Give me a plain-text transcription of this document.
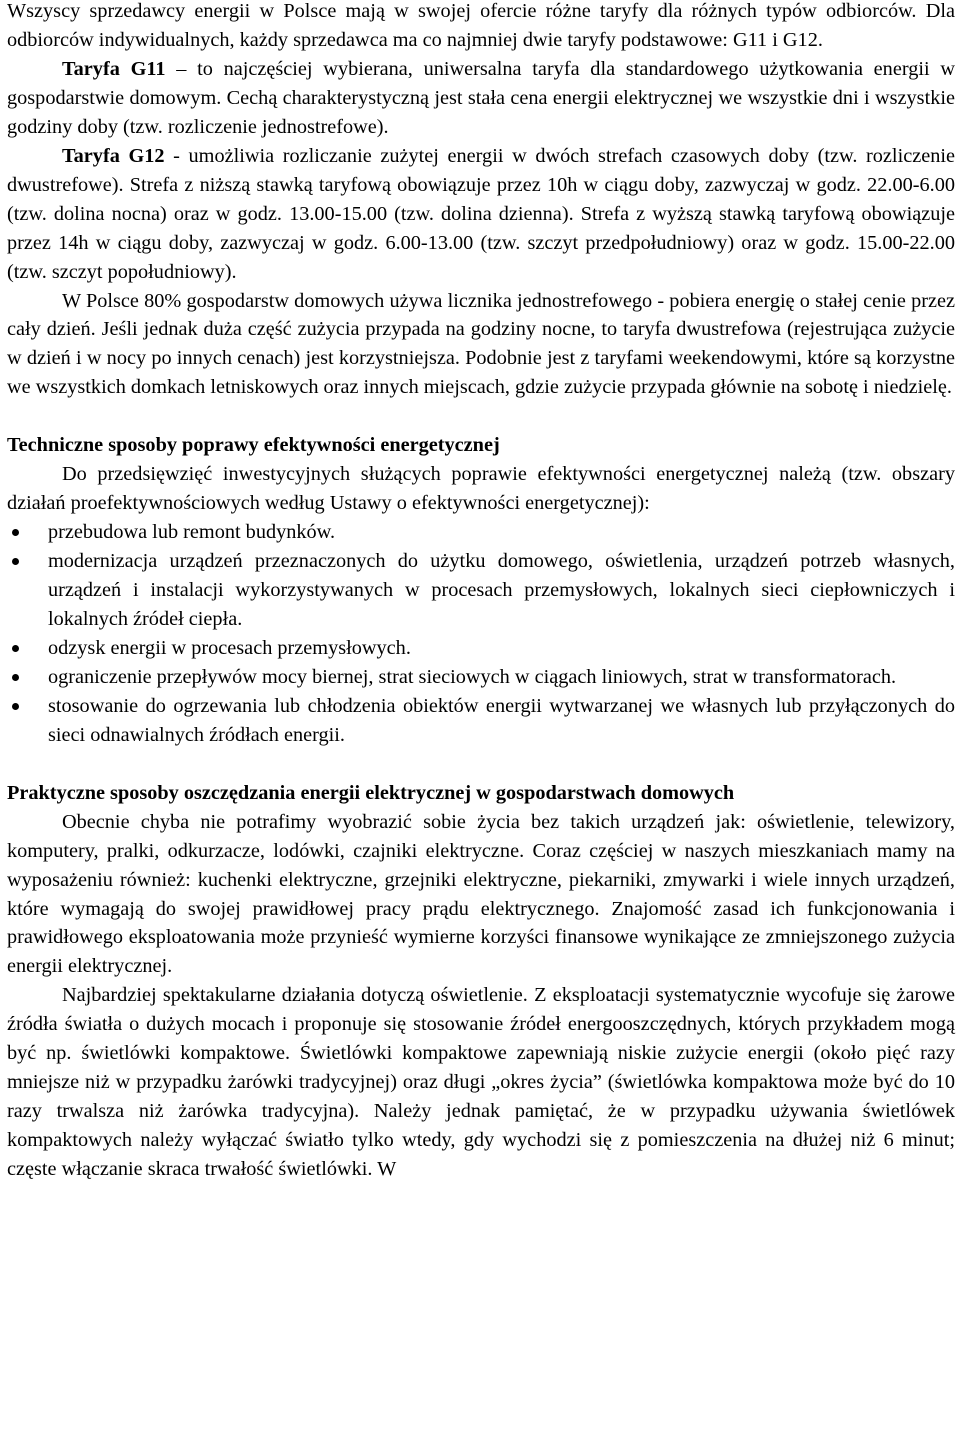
Wszyscy sprzedawcy energii w Polsce mają w swojej ofercie różne taryfy dla różnych typów odbiorców. Dla odbiorców indywidualnych, każdy sprzedawca ma co najmniej dwie taryfy podstawowe: G11 i G12.

Taryfa G11 – to najczęściej wybierana, uniwersalna taryfa dla standardowego użytkowania energii w gospodarstwie domowym. Cechą charakterystyczną jest stała cena energii elektrycznej we wszystkie dni i wszystkie godziny doby (tzw. rozliczenie jednostrefowe).

Taryfa G12 - umożliwia rozliczanie zużytej energii w dwóch strefach czasowych doby (tzw. rozliczenie dwustrefowe). Strefa z niższą stawką taryfową obowiązuje przez 10h w ciągu doby, zazwyczaj w godz. 22.00-6.00 (tzw. dolina nocna) oraz w godz. 13.00-15.00 (tzw. dolina dzienna). Strefa z wyższą stawką taryfową obowiązuje przez 14h w ciągu doby, zazwyczaj w godz. 6.00-13.00 (tzw. szczyt przedpołudniowy) oraz w godz. 15.00-22.00 (tzw. szczyt popołudniowy).

W Polsce 80% gospodarstw domowych używa licznika jednostrefowego - pobiera energię o stałej cenie przez cały dzień. Jeśli jednak duża część zużycia przypada na godziny nocne, to taryfa dwustrefowa (rejestrująca zużycie w dzień i w nocy po innych cenach) jest korzystniejsza. Podobnie jest z taryfami weekendowymi, które są korzystne we wszystkich domkach letniskowych oraz innych miejscach, gdzie zużycie przypada głównie na sobotę i niedzielę.

Techniczne sposoby poprawy efektywności energetycznej

Do przedsięwzięć inwestycyjnych służących poprawie efektywności energetycznej należą (tzw. obszary działań proefektywnościowych według Ustawy o efektywności energetycznej):

przebudowa lub remont budynków.
modernizacja urządzeń przeznaczonych do użytku domowego, oświetlenia, urządzeń potrzeb własnych, urządzeń i instalacji wykorzystywanych w procesach przemysłowych, lokalnych sieci ciepłowniczych i lokalnych źródeł ciepła.
odzysk energii w procesach przemysłowych.
ograniczenie przepływów mocy biernej, strat sieciowych w ciągach liniowych, strat w transformatorach.
stosowanie do ogrzewania lub chłodzenia obiektów energii wytwarzanej we własnych lub przyłączonych do sieci odnawialnych źródłach energii.
Praktyczne sposoby oszczędzania energii elektrycznej w gospodarstwach domowych

Obecnie chyba nie potrafimy wyobrazić sobie życia bez takich urządzeń jak: oświetlenie, telewizory, komputery, pralki, odkurzacze, lodówki, czajniki elektryczne. Coraz częściej w naszych mieszkaniach mamy na wyposażeniu również: kuchenki elektryczne, grzejniki elektryczne, piekarniki, zmywarki i wiele innych urządzeń, które wymagają do swojej prawidłowej pracy prądu elektrycznego. Znajomość zasad ich funkcjonowania i prawidłowego eksploatowania może przynieść wymierne korzyści finansowe wynikające ze zmniejszonego zużycia energii elektrycznej.

Najbardziej spektakularne działania dotyczą oświetlenie. Z eksploatacji systematycznie wycofuje się żarowe źródła światła o dużych mocach i proponuje się stosowanie źródeł energooszczędnych, których przykładem mogą być np. świetlówki kompaktowe. Świetlówki kompaktowe zapewniają niskie zużycie energii (około pięć razy mniejsze niż w przypadku żarówki tradycyjnej) oraz długi „okres życia” (świetlówka kompaktowa może być do 10 razy trwalsza niż żarówka tradycyjna). Należy jednak pamiętać, że w przypadku używania świetlówek kompaktowych należy wyłączać światło tylko wtedy, gdy wychodzi się z pomieszczenia na dłużej niż 6 minut; częste włączanie skraca trwałość świetlówki. W
